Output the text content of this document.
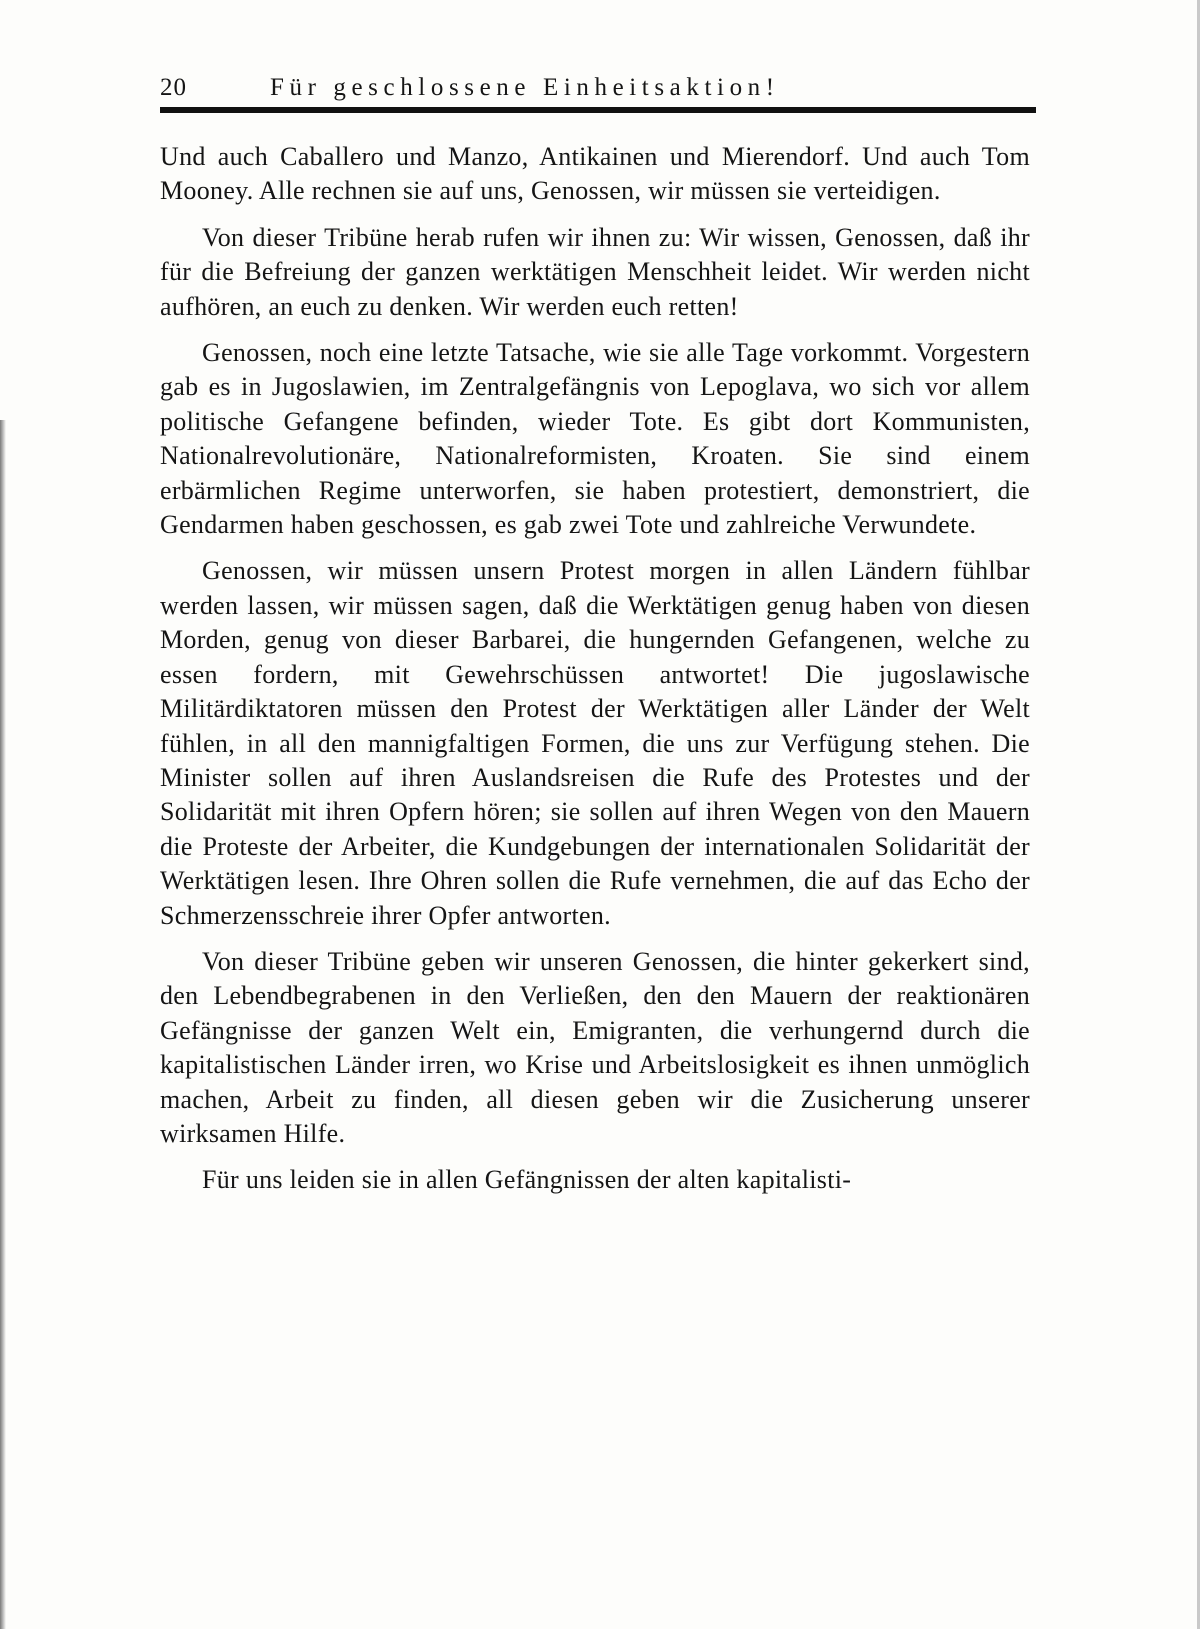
20	Für geschlossene Einheitsaktion!

Und auch Caballero und Manzo, Antikainen und Mierendorf. Und auch Tom Mooney. Alle rechnen sie auf uns, Genossen, wir müssen sie verteidigen.

Von dieser Tribüne herab rufen wir ihnen zu: Wir wissen, Genossen, daß ihr für die Befreiung der ganzen werktätigen Menschheit leidet. Wir werden nicht aufhören, an euch zu denken. Wir werden euch retten!

Genossen, noch eine letzte Tatsache, wie sie alle Tage vorkommt. Vorgestern gab es in Jugoslawien, im Zentralgefängnis von Lepoglava, wo sich vor allem politische Gefangene befinden, wieder Tote. Es gibt dort Kommunisten, Nationalrevolutionäre, Nationalreformisten, Kroaten. Sie sind einem erbärmlichen Regime unterworfen, sie haben protestiert, demonstriert, die Gendarmen haben geschossen, es gab zwei Tote und zahlreiche Verwundete.

Genossen, wir müssen unsern Protest morgen in allen Ländern fühlbar werden lassen, wir müssen sagen, daß die Werktätigen genug haben von diesen Morden, genug von dieser Barbarei, die hungernden Gefangenen, welche zu essen fordern, mit Gewehrschüssen antwortet! Die jugoslawische Militärdiktatoren müssen den Protest der Werktätigen aller Länder der Welt fühlen, in all den mannigfaltigen Formen, die uns zur Verfügung stehen. Die Minister sollen auf ihren Auslandsreisen die Rufe des Protestes und der Solidarität mit ihren Opfern hören; sie sollen auf ihren Wegen von den Mauern die Proteste der Arbeiter, die Kundgebungen der internationalen Solidarität der Werktätigen lesen. Ihre Ohren sollen die Rufe vernehmen, die auf das Echo der Schmerzensschreie ihrer Opfer antworten.

Von dieser Tribüne geben wir unseren Genossen, die hinter gekerkert sind, den Lebendbegrabenen in den Verließen, den den Mauern der reaktionären Gefängnisse der ganzen Welt ein, Emigranten, die verhungernd durch die kapitalistischen Länder irren, wo Krise und Arbeitslosigkeit es ihnen unmöglich machen, Arbeit zu finden, all diesen geben wir die Zusicherung unserer wirksamen Hilfe.

Für uns leiden sie in allen Gefängnissen der alten kapitalisti-
